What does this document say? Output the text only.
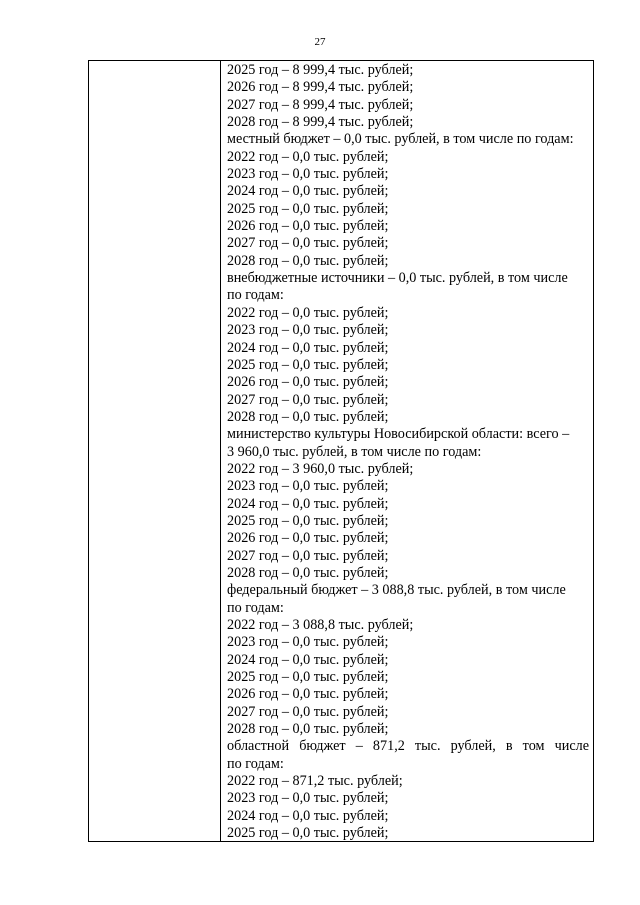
27
2025 год – 8 999,4 тыс. рублей;
2026 год – 8 999,4 тыс. рублей;
2027 год – 8 999,4 тыс. рублей;
2028 год – 8 999,4 тыс. рублей;
местный бюджет – 0,0 тыс. рублей, в том числе по годам:
2022 год – 0,0 тыс. рублей;
2023 год – 0,0 тыс. рублей;
2024 год – 0,0 тыс. рублей;
2025 год – 0,0 тыс. рублей;
2026 год – 0,0 тыс. рублей;
2027 год – 0,0 тыс. рублей;
2028 год – 0,0 тыс. рублей;
внебюджетные источники – 0,0 тыс. рублей, в том числе
по годам:
2022 год – 0,0 тыс. рублей;
2023 год – 0,0 тыс. рублей;
2024 год – 0,0 тыс. рублей;
2025 год – 0,0 тыс. рублей;
2026 год – 0,0 тыс. рублей;
2027 год – 0,0 тыс. рублей;
2028 год – 0,0 тыс. рублей;
министерство культуры Новосибирской области: всего –
3 960,0 тыс. рублей, в том числе по годам:
2022 год – 3 960,0 тыс. рублей;
2023 год – 0,0 тыс. рублей;
2024 год – 0,0 тыс. рублей;
2025 год – 0,0 тыс. рублей;
2026 год – 0,0 тыс. рублей;
2027 год – 0,0 тыс. рублей;
2028 год – 0,0 тыс. рублей;
федеральный бюджет – 3 088,8 тыс. рублей, в том числе
по годам:
2022 год – 3 088,8 тыс. рублей;
2023 год – 0,0 тыс. рублей;
2024 год – 0,0 тыс. рублей;
2025 год – 0,0 тыс. рублей;
2026 год – 0,0 тыс. рублей;
2027 год – 0,0 тыс. рублей;
2028 год – 0,0 тыс. рублей;
областной бюджет – 871,2 тыс. рублей, в том числе
по годам:
2022 год – 871,2 тыс. рублей;
2023 год – 0,0 тыс. рублей;
2024 год – 0,0 тыс. рублей;
2025 год – 0,0 тыс. рублей;
